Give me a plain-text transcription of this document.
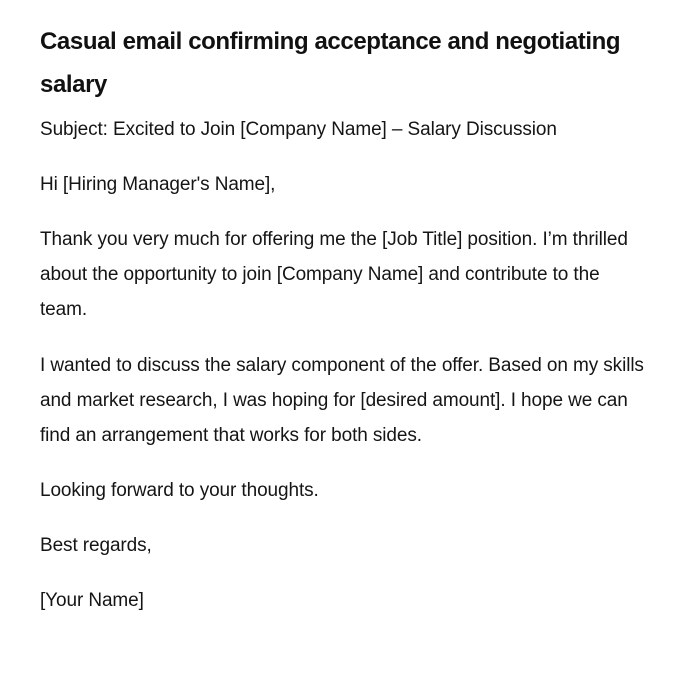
Casual email confirming acceptance and negotiating salary

Subject: Excited to Join [Company Name] – Salary Discussion

Hi [Hiring Manager's Name],

Thank you very much for offering me the [Job Title] position. I’m thrilled about the opportunity to join [Company Name] and contribute to the team.

I wanted to discuss the salary component of the offer. Based on my skills and market research, I was hoping for [desired amount]. I hope we can find an arrangement that works for both sides.

Looking forward to your thoughts.

Best regards,

[Your Name]
